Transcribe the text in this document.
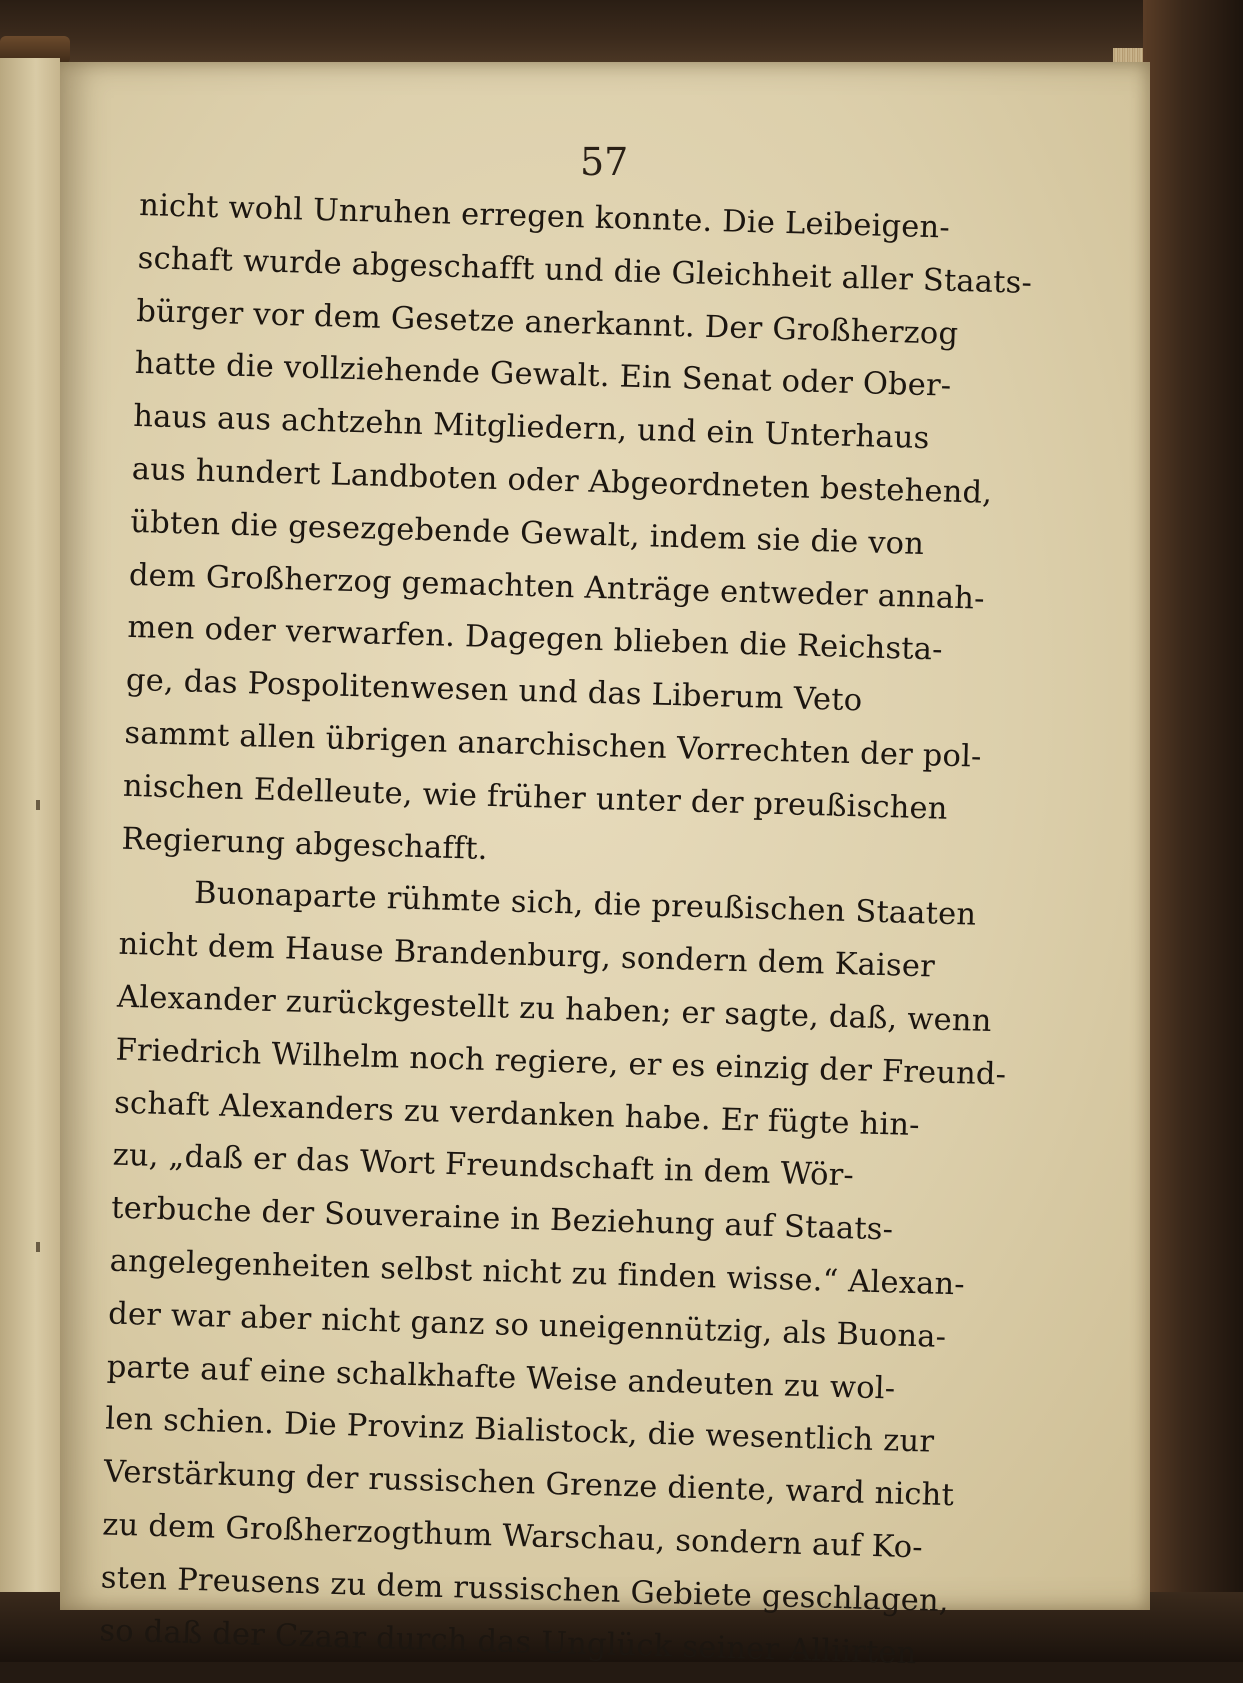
57
nicht wohl Unruhen erregen konnte. Die Leibeigen-
schaft wurde abgeschafft und die Gleichheit aller Staats-
bürger vor dem Gesetze anerkannt. Der Großherzog
hatte die vollziehende Gewalt. Ein Senat oder Ober-
haus aus achtzehn Mitgliedern, und ein Unterhaus
aus hundert Landboten oder Abgeordneten bestehend,
übten die gesezgebende Gewalt, indem sie die von
dem Großherzog gemachten Anträge entweder annah-
men oder verwarfen. Dagegen blieben die Reichsta-
ge, das Pospolitenwesen und das Liberum Veto
sammt allen übrigen anarchischen Vorrechten der pol-
nischen Edelleute, wie früher unter der preußischen
Regierung abgeschafft.
Buonaparte rühmte sich, die preußischen Staaten
nicht dem Hause Brandenburg, sondern dem Kaiser
Alexander zurückgestellt zu haben; er sagte, daß, wenn
Friedrich Wilhelm noch regiere, er es einzig der Freund-
schaft Alexanders zu verdanken habe. Er fügte hin-
zu, „daß er das Wort Freundschaft in dem Wör-
terbuche der Souveraine in Beziehung auf Staats-
angelegenheiten selbst nicht zu finden wisse.“ Alexan-
der war aber nicht ganz so uneigennützig, als Buona-
parte auf eine schalkhafte Weise andeuten zu wol-
len schien. Die Provinz Bialistock, die wesentlich zur
Verstärkung der russischen Grenze diente, ward nicht
zu dem Großherzogthum Warschau, sondern auf Ko-
sten Preusens zu dem russischen Gebiete geschlagen,
so daß der Czaar durch das Unglück seiner Alliirten
